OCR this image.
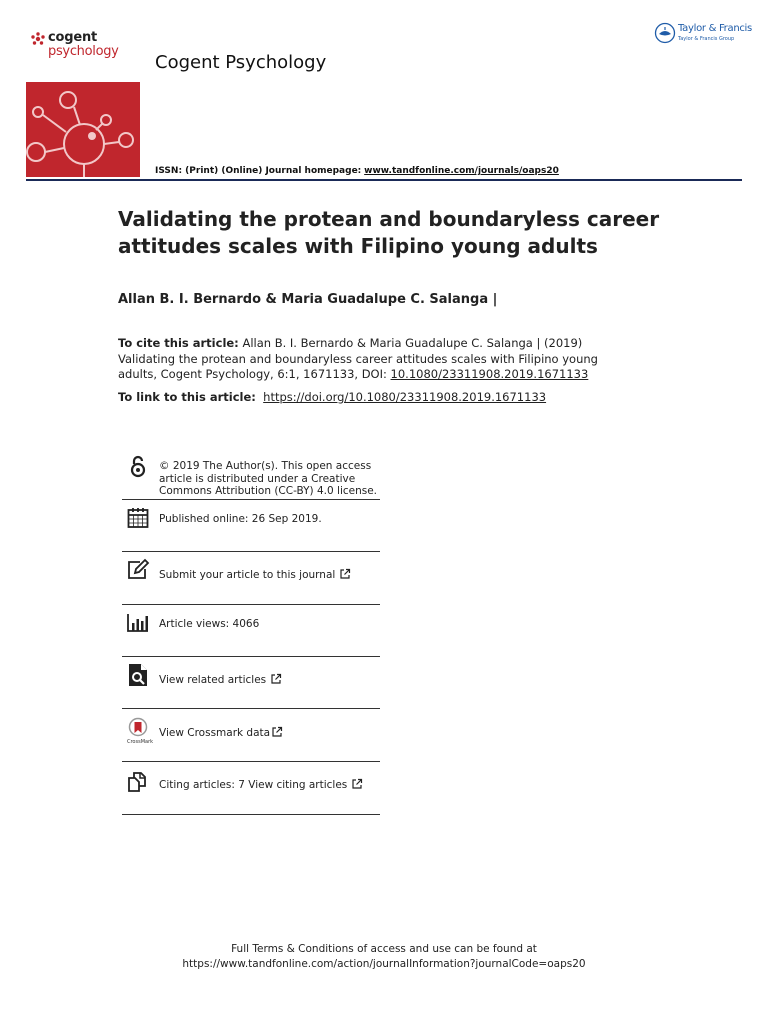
cogent
psychology
Cogent Psychology
Taylor & Francis
Taylor & Francis Group
ISSN: (Print) (Online) Journal homepage: www.tandfonline.com/journals/oaps20
Validating the protean and boundaryless career attitudes scales with Filipino young adults
Allan B. I. Bernardo & Maria Guadalupe C. Salanga |
To cite this article: Allan B. I. Bernardo & Maria Guadalupe C. Salanga | (2019) Validating the protean and boundaryless career attitudes scales with Filipino young adults, Cogent Psychology, 6:1, 1671133, DOI: 10.1080/23311908.2019.1671133
To link to this article: https://doi.org/10.1080/23311908.2019.1671133
© 2019 The Author(s). This open access
article is distributed under a Creative
Commons Attribution (CC-BY) 4.0 license.
Published online: 26 Sep 2019.
Submit your article to this journal
Article views: 4066
View related articles
CrossMark
View Crossmark data
Citing articles: 7 View citing articles
Full Terms & Conditions of access and use can be found at
https://www.tandfonline.com/action/journalInformation?journalCode=oaps20
